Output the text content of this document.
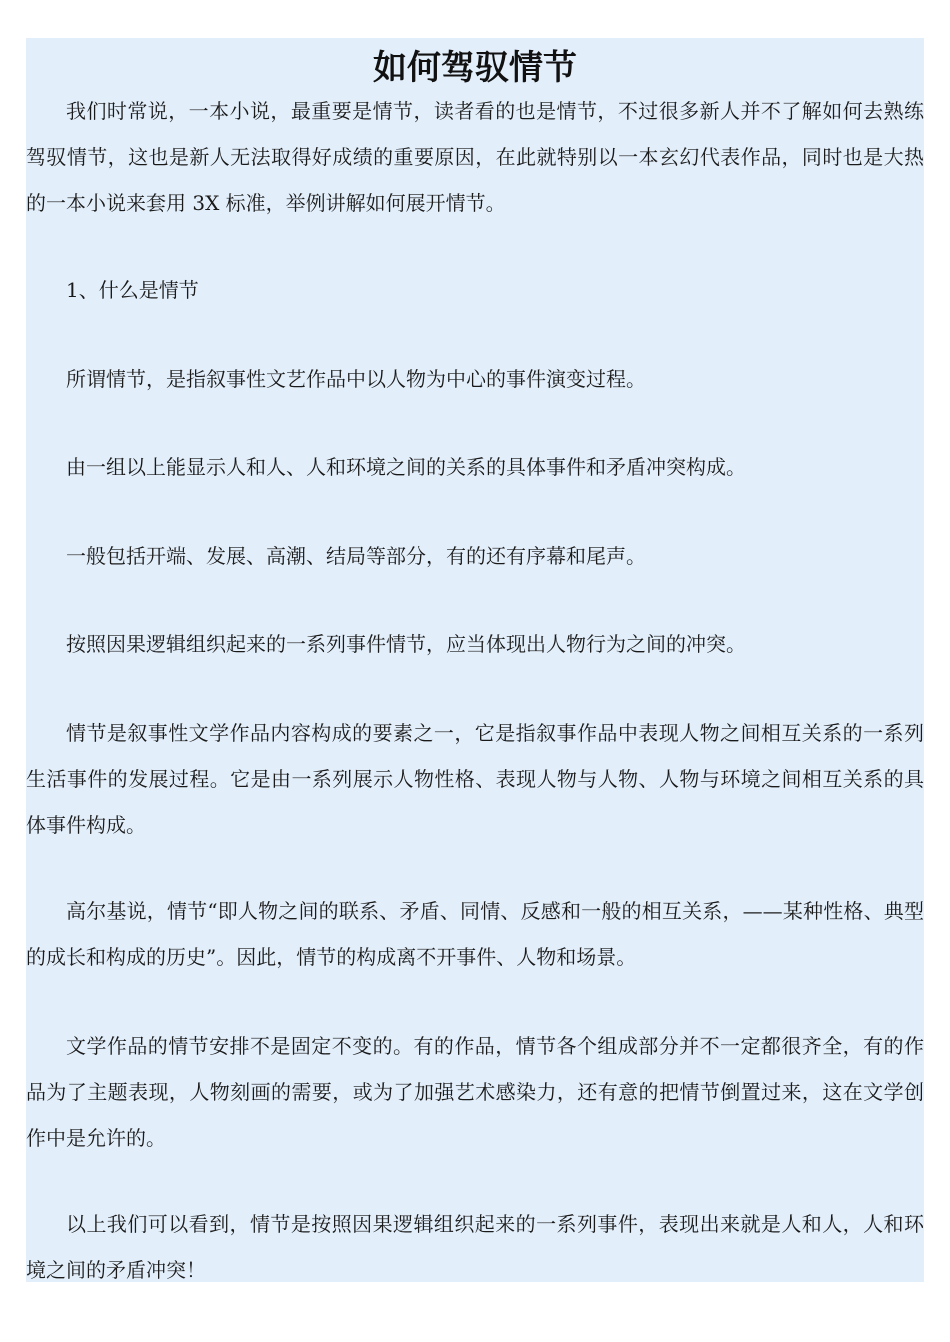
如何驾驭情节

我们时常说，一本小说，最重要是情节，读者看的也是情节，不过很多新人并不了解如何去熟练驾驭情节，这也是新人无法取得好成绩的重要原因，在此就特别以一本玄幻代表作品，同时也是大热的一本小说来套用 3X 标准，举例讲解如何展开情节。

1、什么是情节

所谓情节，是指叙事性文艺作品中以人物为中心的事件演变过程。

由一组以上能显示人和人、人和环境之间的关系的具体事件和矛盾冲突构成。

一般包括开端、发展、高潮、结局等部分，有的还有序幕和尾声。

按照因果逻辑组织起来的一系列事件情节，应当体现出人物行为之间的冲突。

情节是叙事性文学作品内容构成的要素之一，它是指叙事作品中表现人物之间相互关系的一系列生活事件的发展过程。它是由一系列展示人物性格、表现人物与人物、人物与环境之间相互关系的具体事件构成。

高尔基说，情节“即人物之间的联系、矛盾、同情、反感和一般的相互关系，——某种性格、典型的成长和构成的历史”。因此，情节的构成离不开事件、人物和场景。

文学作品的情节安排不是固定不变的。有的作品，情节各个组成部分并不一定都很齐全，有的作品为了主题表现，人物刻画的需要，或为了加强艺术感染力，还有意的把情节倒置过来，这在文学创作中是允许的。

以上我们可以看到，情节是按照因果逻辑组织起来的一系列事件，表现出来就是人和人，人和环境之间的矛盾冲突！
